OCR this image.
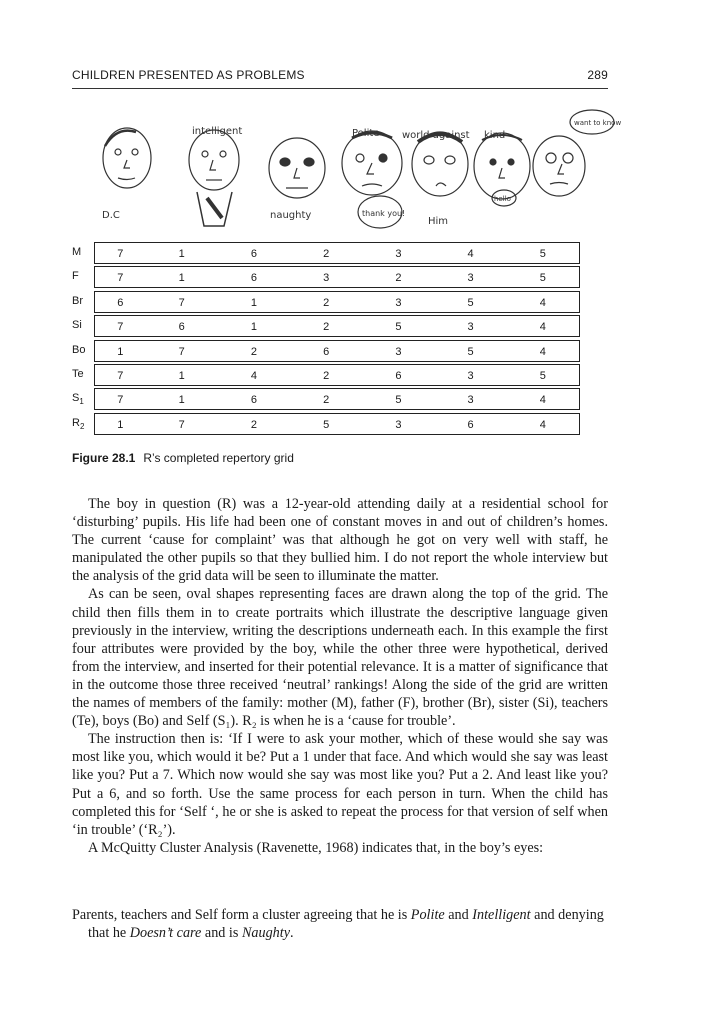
CHILDREN PRESENTED AS PROBLEMS	289
intelligent	Polite world against kind
D.C	naughty
Him
thank you!
hello
want to know
M	7	1	6	2	3	4	5
F	7	1	6	3	2	3	5
Br	6	7	1	2	3	5	4
Si	7	6	1	2	5	3	4
Bo	1	7	2	6	3	5	4
Te	7	1	4	2	6	3	5
$S_1$	7	1	6	2	5	3	4
$R_2$	1	7	2	5	3	6	4
Figure 28.1 R’s completed repertory grid

The boy in question (R) was a 12-year-old attending daily at a residential school for ‘disturbing’ pupils. His life had been one of constant moves in and out of children’s homes. The current ‘cause for complaint’ was that although he got on very well with staff, he manipulated the other pupils so that they bullied him. I do not report the whole interview but the analysis of the grid data will be seen to illuminate the matter.

As can be seen, oval shapes representing faces are drawn along the top of the grid. The child then fills them in to create portraits which illustrate the descriptive language given previously in the interview, writing the descriptions underneath each. In this example the first four attributes were provided by the boy, while the other three were hypothetical, derived from the interview, and inserted for their potential relevance. It is a matter of significance that in the outcome those three received ‘neutral’ rankings! Along the side of the grid are written the names of members of the family: mother (M), father (F), brother (Br), sister (Si), teachers (Te), boys (Bo) and Self (S₁). R₂ is when he is a ‘cause for trouble’.

The instruction then is: ‘If I were to ask your mother, which of these would she say was most like you, which would it be? Put a 1 under that face. And which would she say was least like you? Put a 7. Which now would she say was most like you? Put a 2. And least like you? Put a 6, and so forth. Use the same process for each person in turn. When the child has completed this for ‘Self ‘, he or she is asked to repeat the process for that version of self when ‘in trouble’ (‘R₂’).

A McQuitty Cluster Analysis (Ravenette, 1968) indicates that, in the boy’s eyes:

Parents, teachers and Self form a cluster agreeing that he is Polite and Intelligent and denying that he Doesn’t care and is Naughty.
